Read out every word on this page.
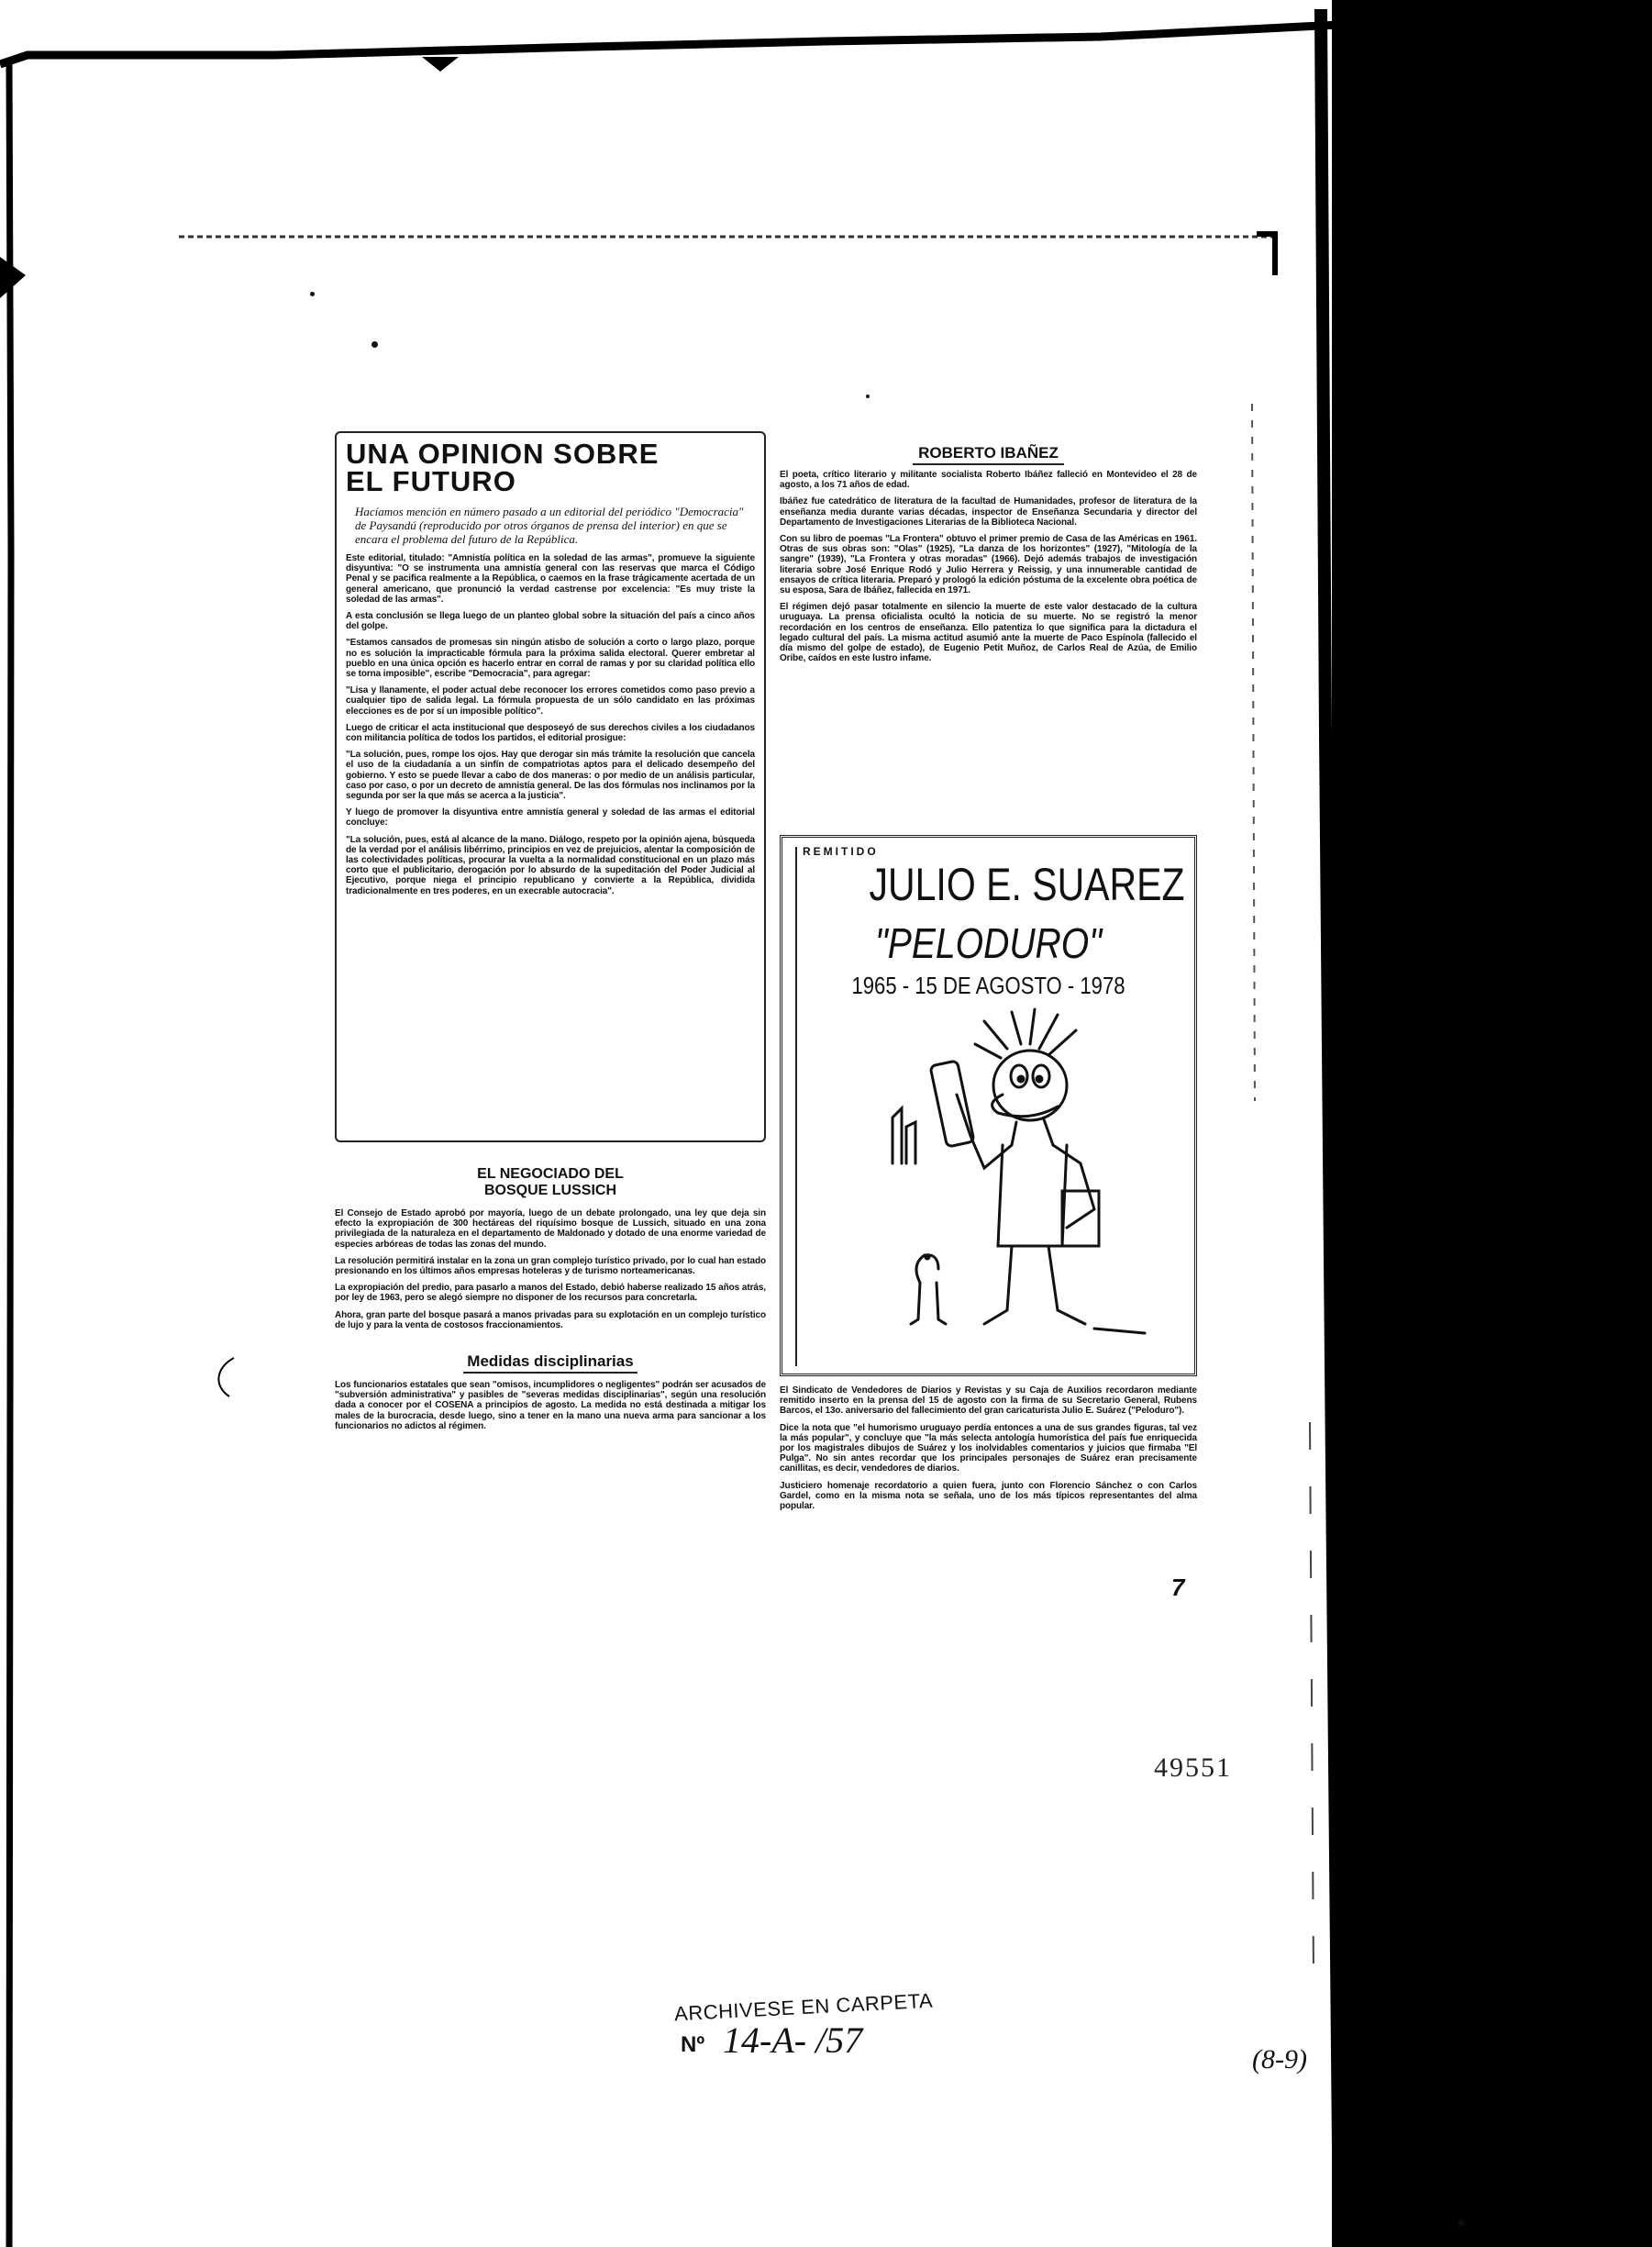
UNA OPINION SOBRE
EL FUTURO

Hacíamos mención en número pasado a un editorial del periódico "Democracia" de Paysandú (reproducido por otros órganos de prensa del interior) en que se encara el problema del futuro de la República.

Este editorial, titulado: "Amnistía política en la soledad de las armas", promueve la siguiente disyuntiva: "O se instrumenta una amnistía general con las reservas que marca el Código Penal y se pacifica realmente a la República, o caemos en la frase trágicamente acertada de un general americano, que pronunció la verdad castrense por excelencia: "Es muy triste la soledad de las armas".

A esta conclusión se llega luego de un planteo global sobre la situación del país a cinco años del golpe.

"Estamos cansados de promesas sin ningún atisbo de solución a corto o largo plazo, porque no es solución la impracticable fórmula para la próxima salida electoral. Querer embretar al pueblo en una única opción es hacerlo entrar en corral de ramas y por su claridad política ello se torna imposible", escribe "Democracia", para agregar:

"Lisa y llanamente, el poder actual debe reconocer los errores cometidos como paso previo a cualquier tipo de salida legal. La fórmula propuesta de un sólo candidato en las próximas elecciones es de por sí un imposible político".

Luego de criticar el acta institucional que desposeyó de sus derechos civiles a los ciudadanos con militancia política de todos los partidos, el editorial prosigue:

"La solución, pues, rompe los ojos. Hay que derogar sin más trámite la resolución que cancela el uso de la ciudadanía a un sinfín de compatriotas aptos para el delicado desempeño del gobierno. Y esto se puede llevar a cabo de dos maneras: o por medio de un análisis particular, caso por caso, o por un decreto de amnistía general. De las dos fórmulas nos inclinamos por la segunda por ser la que más se acerca a la justicia".

Y luego de promover la disyuntiva entre amnistía general y soledad de las armas el editorial concluye:

"La solución, pues, está al alcance de la mano. Diálogo, respeto por la opinión ajena, búsqueda de la verdad por el análisis libérrimo, principios en vez de prejuicios, alentar la composición de las colectividades políticas, procurar la vuelta a la normalidad constitucional en un plazo más corto que el publicitario, derogación por lo absurdo de la supeditación del Poder Judicial al Ejecutivo, porque niega el principio republicano y convierte a la República, dividida tradicionalmente en tres poderes, en un execrable autocracia".

EL NEGOCIADO DEL
BOSQUE LUSSICH

El Consejo de Estado aprobó por mayoría, luego de un debate prolongado, una ley que deja sin efecto la expropiación de 300 hectáreas del riquísimo bosque de Lussich, situado en una zona privilegiada de la naturaleza en el departamento de Maldonado y dotado de una enorme variedad de especies arbóreas de todas las zonas del mundo.

La resolución permitirá instalar en la zona un gran complejo turístico privado, por lo cual han estado presionando en los últimos años empresas hoteleras y de turismo norteamericanas.

La expropiación del predio, para pasarlo a manos del Estado, debió haberse realizado 15 años atrás, por ley de 1963, pero se alegó siempre no disponer de los recursos para concretarla.

Ahora, gran parte del bosque pasará a manos privadas para su explotación en un complejo turístico de lujo y para la venta de costosos fraccionamientos.

Medidas disciplinarias

Los funcionarios estatales que sean "omisos, incumplidores o negligentes" podrán ser acusados de "subversión administrativa" y pasibles de "severas medidas disciplinarias", según una resolución dada a conocer por el COSENA a principios de agosto. La medida no está destinada a mitigar los males de la burocracia, desde luego, sino a tener en la mano una nueva arma para sancionar a los funcionarios no adictos al régimen.

ROBERTO IBAÑEZ

El poeta, crítico literario y militante socialista Roberto Ibáñez falleció en Montevideo el 28 de agosto, a los 71 años de edad.

Ibáñez fue catedrático de literatura de la facultad de Humanidades, profesor de literatura de la enseñanza media durante varias décadas, inspector de Enseñanza Secundaria y director del Departamento de Investigaciones Literarias de la Biblioteca Nacional.

Con su libro de poemas "La Frontera" obtuvo el primer premio de Casa de las Américas en 1961. Otras de sus obras son: "Olas" (1925), "La danza de los horizontes" (1927), "Mitología de la sangre" (1939), "La Frontera y otras moradas" (1966). Dejó además trabajos de investigación literaria sobre José Enrique Rodó y Julio Herrera y Reissig, y una innumerable cantidad de ensayos de crítica literaria. Preparó y prologó la edición póstuma de la excelente obra poética de su esposa, Sara de Ibáñez, fallecida en 1971.

El régimen dejó pasar totalmente en silencio la muerte de este valor destacado de la cultura uruguaya. La prensa oficialista ocultó la noticia de su muerte. No se registró la menor recordación en los centros de enseñanza. Ello patentiza lo que significa para la dictadura el legado cultural del país. La misma actitud asumió ante la muerte de Paco Espínola (fallecido el día mismo del golpe de estado), de Eugenio Petit Muñoz, de Carlos Real de Azúa, de Emilio Oribe, caídos en este lustro infame.

REMITIDO
JULIO E. SUAREZ
"PELODURO"
1965 - 15 DE AGOSTO - 1978

El Sindicato de Vendedores de Diarios y Revistas y su Caja de Auxilios recordaron mediante remitido inserto en la prensa del 15 de agosto con la firma de su Secretario General, Rubens Barcos, el 13o. aniversario del fallecimiento del gran caricaturista Julio E. Suárez ("Peloduro").

Dice la nota que "el humorismo uruguayo perdía entonces a una de sus grandes figuras, tal vez la más popular", y concluye que "la más selecta antología humorística del país fue enriquecida por los magistrales dibujos de Suárez y los inolvidables comentarios y juicios que firmaba "El Pulga". No sin antes recordar que los principales personajes de Suárez eran precisamente canillitas, es decir, vendedores de diarios.

Justiciero homenaje recordatorio a quien fuera, junto con Florencio Sánchez o con Carlos Gardel, como en la misma nota se señala, uno de los más típicos representantes del alma popular.

7
49551
ARCHIVESE EN CARPETA
Nº 14-A- /57	(8-9)
